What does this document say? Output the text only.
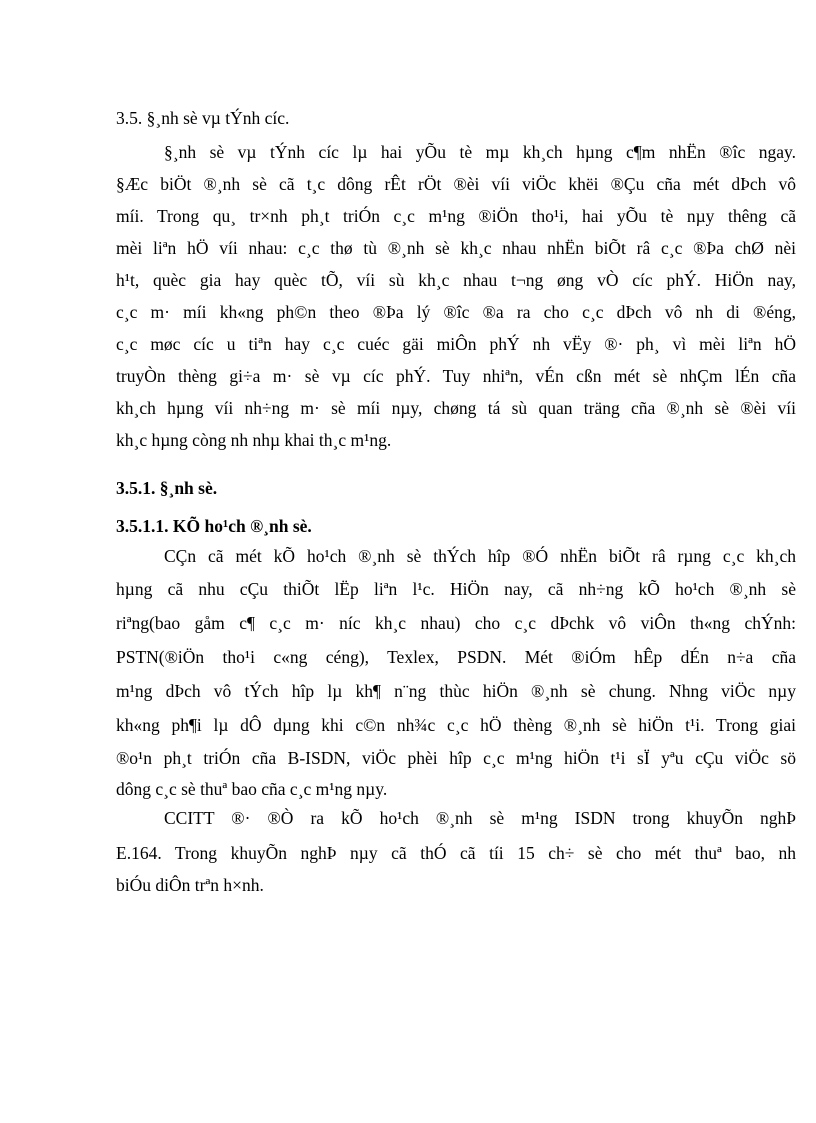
3.5. §¸nh sè vµ tÝnh cíc.
§¸nh sè vµ tÝnh cíc lµ hai yÕu tè mµ kh¸ch hµng c¶m nhËn ®îc ngay.
§Æc biÖt ®¸nh sè cã t¸c dông rÊt rÖt ®èi víi viÖc khëi ®Çu cña mét dÞch vô
míi. Trong qu¸ tr×nh ph¸t triÓn c¸c m¹ng ®iÖn tho¹i, hai yÕu tè nµy thêng cã
mèi liªn hÖ víi nhau: c¸c thø tù ®¸nh sè kh¸c nhau nhËn biÕt râ c¸c ®Þa chØ nèi
h¹t, quèc gia hay quèc tÕ, víi sù kh¸c nhau t¬ng øng vÒ cíc phÝ. HiÖn nay,
c¸c m· míi kh«ng ph©n theo ®Þa lý ®îc ®a ra cho c¸c dÞch vô nh di ®éng,
c¸c møc cíc u tiªn hay c¸c cuéc gäi miÔn phÝ nh vËy ®· ph¸ vì mèi liªn hÖ
truyÒn thèng gi÷a m· sè vµ cíc phÝ. Tuy nhiªn, vÉn cßn mét sè nhÇm lÉn cña
kh¸ch hµng víi nh÷ng m· sè míi nµy, chøng tá sù quan träng cña ®¸nh sè ®èi víi
kh¸c hµng còng nh nhµ khai th¸c m¹ng.
3.5.1. §¸nh sè.
3.5.1.1. KÕ ho¹ch ®¸nh sè.
CÇn cã mét kÕ ho¹ch ®¸nh sè thÝch hîp ®Ó nhËn biÕt râ rµng c¸c kh¸ch
hµng cã nhu cÇu thiÕt lËp liªn l¹c. HiÖn nay, cã nh÷ng kÕ ho¹ch ®¸nh sè
riªng(bao gåm c¶ c¸c m· níc kh¸c nhau) cho c¸c dÞchk vô viÔn th«ng chÝnh:
PSTN(®iÖn tho¹i c«ng céng), Texlex, PSDN. Mét ®iÓm hÊp dÉn n÷a cña
m¹ng dÞch vô tÝch hîp lµ kh¶ n¨ng thùc hiÖn ®¸nh sè chung. Nhng viÖc nµy
kh«ng ph¶i lµ dÔ dµng khi c©n nh¾c c¸c hÖ thèng ®¸nh sè hiÖn t¹i. Trong giai
®o¹n ph¸t triÓn cña B-ISDN, viÖc phèi hîp c¸c m¹ng hiÖn t¹i sÏ yªu cÇu viÖc sö
dông c¸c sè thuª bao cña c¸c m¹ng nµy.
CCITT ®· ®Ò ra kÕ ho¹ch ®¸nh sè m¹ng ISDN trong khuyÕn nghÞ
E.164. Trong khuyÕn nghÞ nµy cã thÓ cã tíi 15 ch÷ sè cho mét thuª bao, nh
biÓu diÔn trªn h×nh.
